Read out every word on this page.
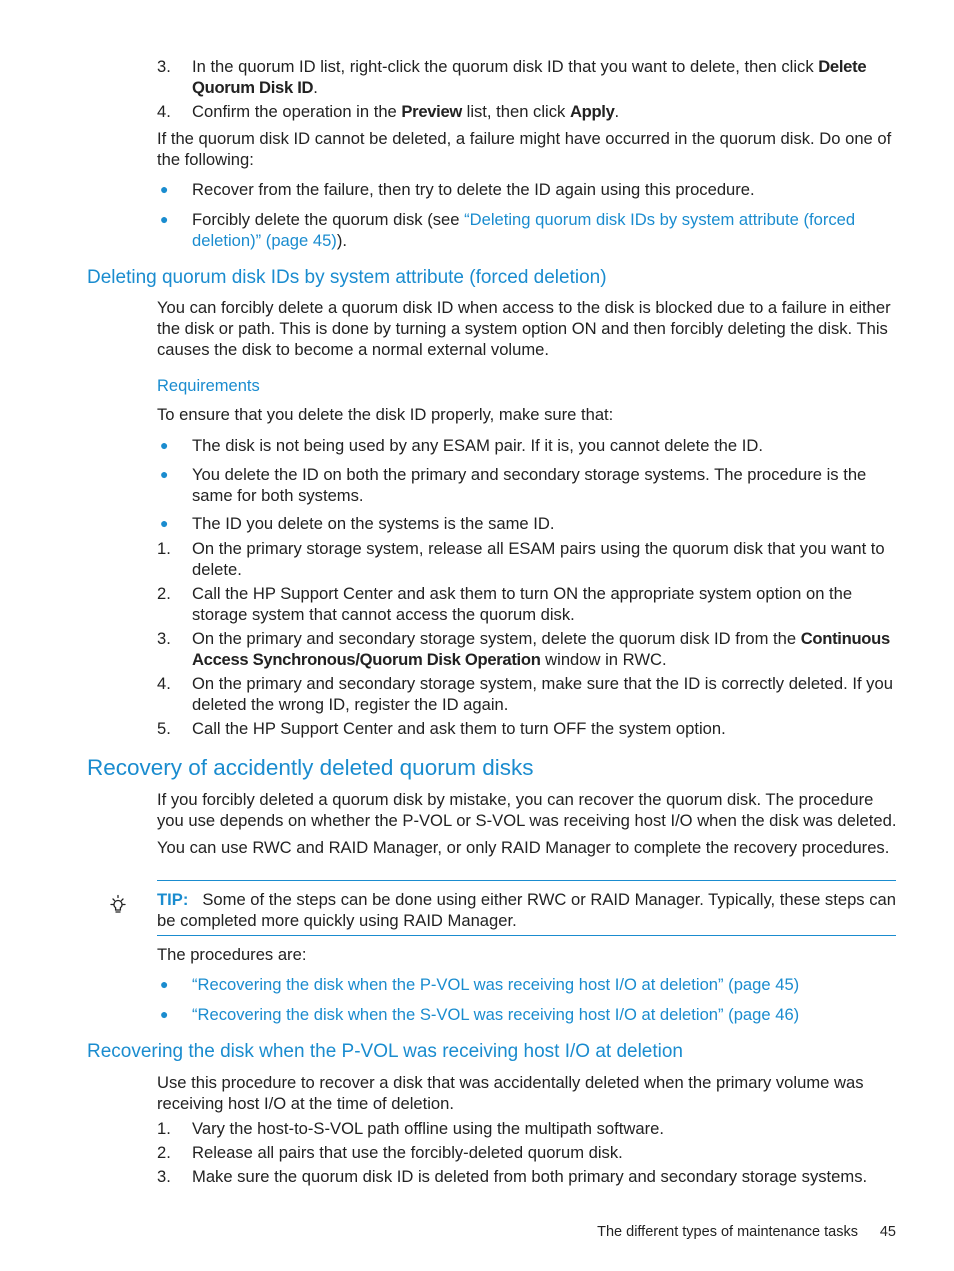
3.	In the quorum ID list, right-click the quorum disk ID that you want to delete, then click Delete Quorum Disk ID.
4.	Confirm the operation in the Preview list, then click Apply.
If the quorum disk ID cannot be deleted, a failure might have occurred in the quorum disk. Do one of the following:
● Recover from the failure, then try to delete the ID again using this procedure.
● Forcibly delete the quorum disk (see “Deleting quorum disk IDs by system attribute (forced deletion)” (page 45)).
Deleting quorum disk IDs by system attribute (forced deletion)
You can forcibly delete a quorum disk ID when access to the disk is blocked due to a failure in either the disk or path. This is done by turning a system option ON and then forcibly deleting the disk. This causes the disk to become a normal external volume.
Requirements
To ensure that you delete the disk ID properly, make sure that:
● The disk is not being used by any ESAM pair. If it is, you cannot delete the ID.
● You delete the ID on both the primary and secondary storage systems. The procedure is the same for both systems.
● The ID you delete on the systems is the same ID.
1.	On the primary storage system, release all ESAM pairs using the quorum disk that you want to delete.
2.	Call the HP Support Center and ask them to turn ON the appropriate system option on the storage system that cannot access the quorum disk.
3.	On the primary and secondary storage system, delete the quorum disk ID from the Continuous Access Synchronous/Quorum Disk Operation window in RWC.
4.	On the primary and secondary storage system, make sure that the ID is correctly deleted. If you deleted the wrong ID, register the ID again.
5.	Call the HP Support Center and ask them to turn OFF the system option.
Recovery of accidently deleted quorum disks
If you forcibly deleted a quorum disk by mistake, you can recover the quorum disk. The procedure you use depends on whether the P-VOL or S-VOL was receiving host I/O when the disk was deleted.
You can use RWC and RAID Manager, or only RAID Manager to complete the recovery procedures.
TIP: Some of the steps can be done using either RWC or RAID Manager. Typically, these steps can be completed more quickly using RAID Manager.
The procedures are:
● “Recovering the disk when the P-VOL was receiving host I/O at deletion” (page 45)
● “Recovering the disk when the S-VOL was receiving host I/O at deletion” (page 46)
Recovering the disk when the P-VOL was receiving host I/O at deletion
Use this procedure to recover a disk that was accidentally deleted when the primary volume was receiving host I/O at the time of deletion.
1.	Vary the host-to-S-VOL path offline using the multipath software.
2.	Release all pairs that use the forcibly-deleted quorum disk.
3.	Make sure the quorum disk ID is deleted from both primary and secondary storage systems.
The different types of maintenance tasks 45
